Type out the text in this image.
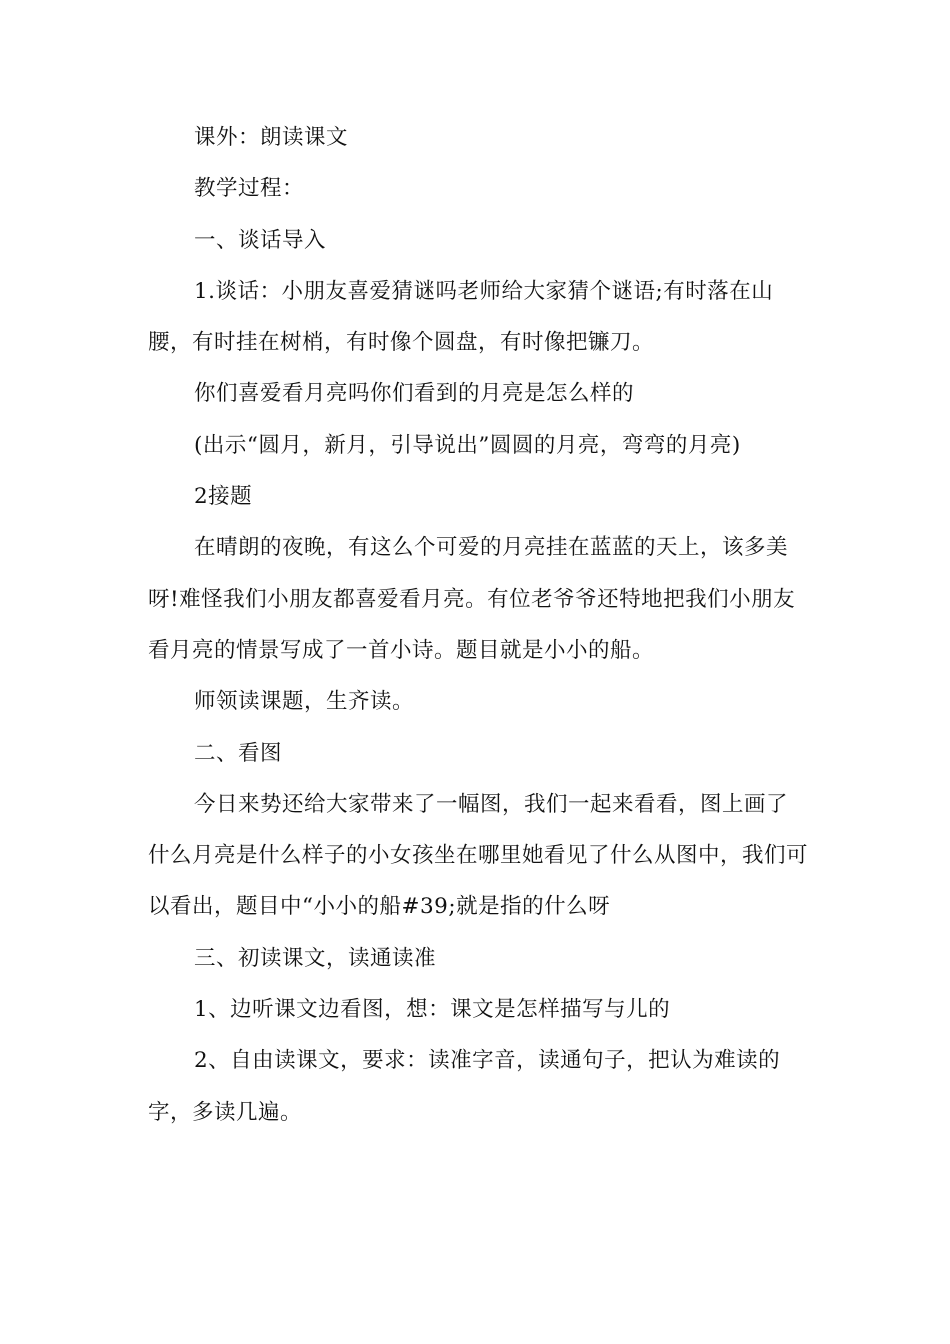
课外：朗读课文

教学过程：

一、谈话导入

1.谈话：小朋友喜爱猜谜吗老师给大家猜个谜语;有时落在山腰，有时挂在树梢，有时像个圆盘，有时像把镰刀。

你们喜爱看月亮吗你们看到的月亮是怎么样的

(出示“圆月，新月，引导说出”圆圆的月亮，弯弯的月亮)

2接题

在晴朗的夜晚，有这么个可爱的月亮挂在蓝蓝的天上，该多美呀!难怪我们小朋友都喜爱看月亮。有位老爷爷还特地把我们小朋友看月亮的情景写成了一首小诗。题目就是小小的船。

师领读课题，生齐读。

二、看图

今日来势还给大家带来了一幅图，我们一起来看看，图上画了什么月亮是什么样子的小女孩坐在哪里她看见了什么从图中，我们可以看出，题目中“小小的船#39;就是指的什么呀

三、初读课文，读通读准

1、边听课文边看图，想：课文是怎样描写与儿的

2、自由读课文，要求：读准字音，读通句子，把认为难读的字，多读几遍。
